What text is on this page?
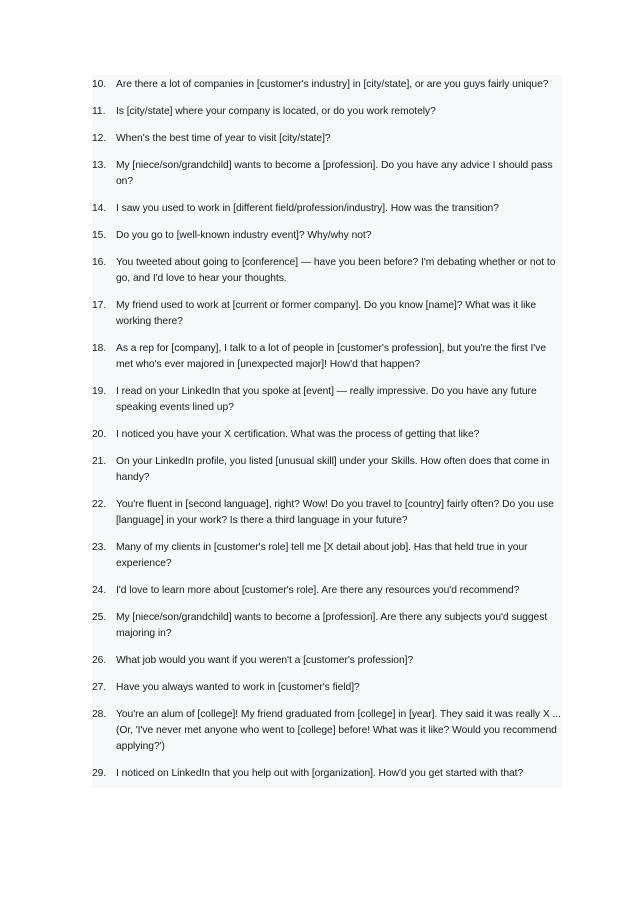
10. Are there a lot of companies in [customer's industry] in [city/state], or are you guys fairly unique?
11.	Is [city/state] where your company is located, or do you work remotely?
12. When's the best time of year to visit [city/state]?
13. My [niece/son/grandchild] wants to become a [profession]. Do you have any advice I should pass on?
14. I saw you used to work in [different field/profession/industry]. How was the transition?
15. Do you go to [well-known industry event]? Why/why not?
16. You tweeted about going to [conference] — have you been before? I'm debating whether or not to go, and I'd love to hear your thoughts.
17. My friend used to work at [current or former company]. Do you know [name]? What was it like working there?
18. As a rep for [company], I talk to a lot of people in [customer's profession], but you're the first I've met who's ever majored in [unexpected major]! How'd that happen?
19. I read on your LinkedIn that you spoke at [event] — really impressive. Do you have any future speaking events lined up?
20. I noticed you have your X certification. What was the process of getting that like?
21. On your LinkedIn profile, you listed [unusual skill] under your Skills. How often does that come in handy?
22. You're fluent in [second language], right? Wow! Do you travel to [country] fairly often? Do you use [language] in your work? Is there a third language in your future?
23. Many of my clients in [customer's role] tell me [X detail about job]. Has that held true in your experience?
24. I'd love to learn more about [customer's role]. Are there any resources you'd recommend?
25. My [niece/son/grandchild] wants to become a [profession]. Are there any subjects you'd suggest majoring in?
26. What job would you want if you weren't a [customer's profession]?
27. Have you always wanted to work in [customer's field]?
28. You're an alum of [college]! My friend graduated from [college] in [year]. They said it was really X ... (Or, 'I've never met anyone who went to [college] before! What was it like? Would you recommend applying?')
29. I noticed on LinkedIn that you help out with [organization]. How'd you get started with that?
